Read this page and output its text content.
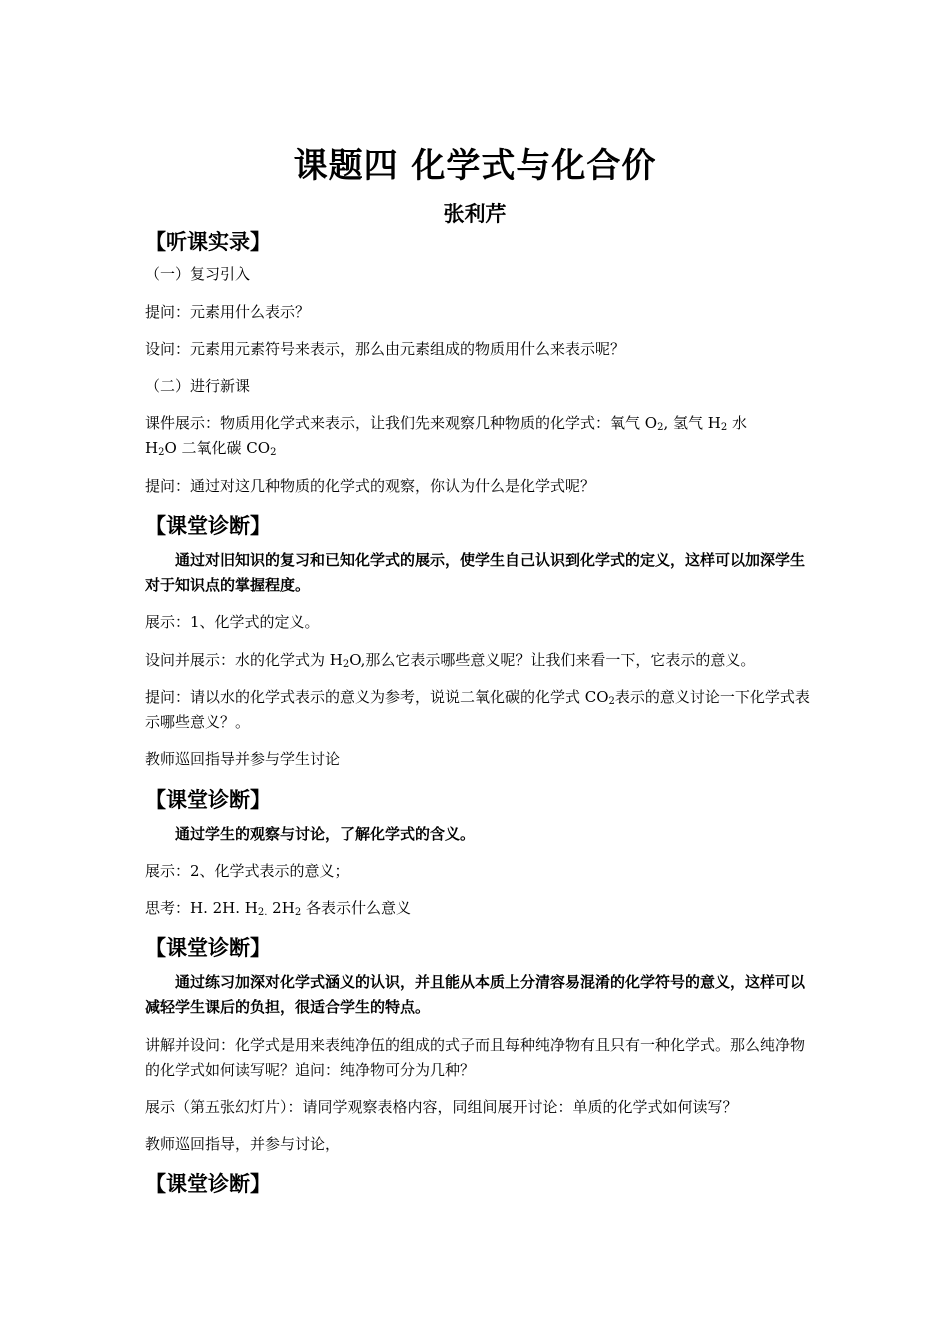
课题四 化学式与化合价
张利芹
【听课实录】
（一）复习引入
提问：元素用什么表示？
设问：元素用元素符号来表示，那么由元素组成的物质用什么来表示呢？
（二）进行新课
课件展示：物质用化学式来表示，让我们先来观察几种物质的化学式：氧气 $O_2$, 氢气 $H_2$ 水
$H_2O$ 二氧化碳 $CO_2$
提问：通过对这几种物质的化学式的观察，你认为什么是化学式呢？
【课堂诊断】
通过对旧知识的复习和已知化学式的展示，使学生自己认识到化学式的定义，这样可以加深学生对于知识点的掌握程度。
展示：1、化学式的定义。
设问并展示：水的化学式为 $H_2O$,那么它表示哪些意义呢？让我们来看一下，它表示的意义。
提问：请以水的化学式表示的意义为参考，说说二氧化碳的化学式 $CO_2$表示的意义讨论一下化学式表示哪些意义？。
教师巡回指导并参与学生讨论
【课堂诊断】
通过学生的观察与讨论，了解化学式的含义。
展示：2、化学式表示的意义；
思考：H. 2H. $H_{2.}$ $2H_2$ 各表示什么意义
【课堂诊断】
通过练习加深对化学式涵义的认识，并且能从本质上分清容易混淆的化学符号的意义，这样可以减轻学生课后的负担，很适合学生的特点。
讲解并设问：化学式是用来表纯净伍的组成的式子而且每种纯净物有且只有一种化学式。那么纯净物的化学式如何读写呢？追问：纯净物可分为几种？
展示（第五张幻灯片）：请同学观察表格内容，同组间展开讨论：单质的化学式如何读写？
教师巡回指导，并参与讨论，
【课堂诊断】
